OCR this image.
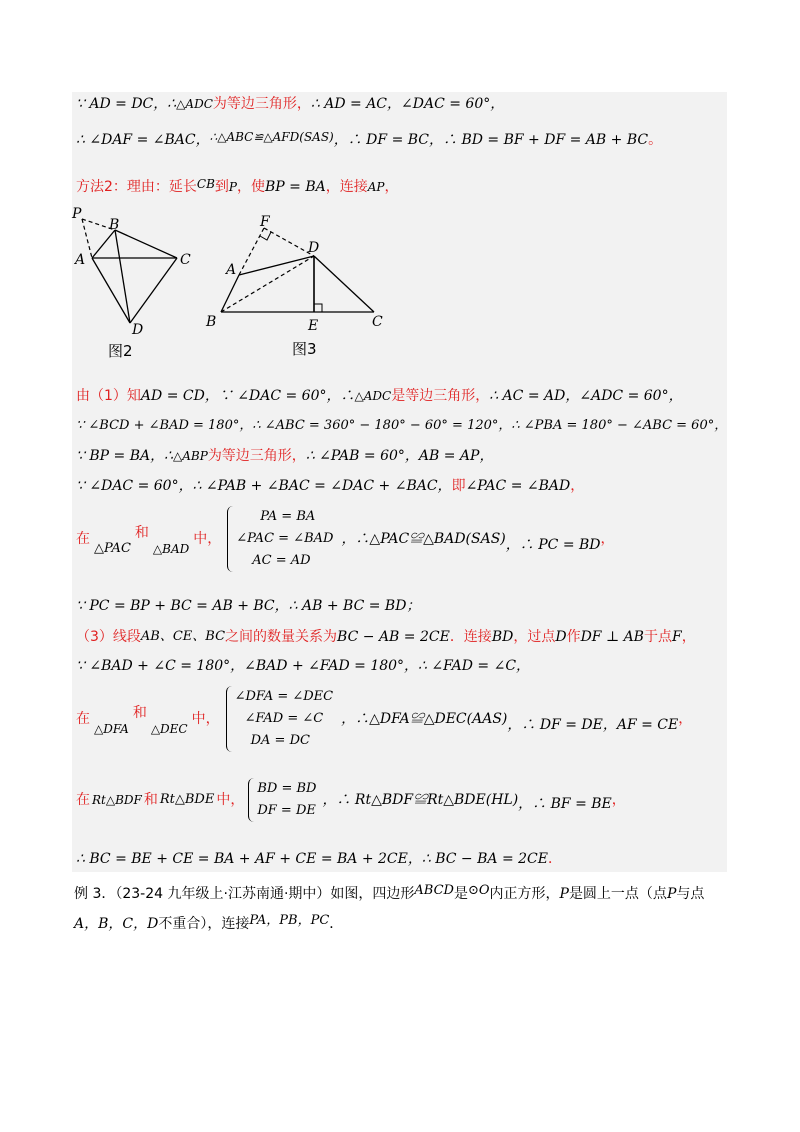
∵ AD = DC，∴ △ADC 为等边三角形， ∴ AD = AC，∠DAC = 60°，
∴ ∠DAF = ∠BAC， ∴△ABC≌△AFD(SAS) ，∴ DF = BC，∴ BD = BF + DF = AB + BC 。
方法2：理由：延长 CB 到 P ，使 BP = BA ，连接 AP ，
P
B
A	C
D
图2
F
D
A
B	E	C
图3
由（1）知 AD = CD，∵ ∠DAC = 60°，∴ △ADC 是等边三角形， ∴ AC = AD，∠ADC = 60°，
∵ ∠BCD + ∠BAD = 180°，∴ ∠ABC = 360° − 180° − 60° = 120°，∴ ∠PBA = 180° − ∠ABC = 60°，
∵ BP = BA，∴ △ABP 为等边三角形， ∴ ∠PAB = 60°，AB = AP，
∵ ∠DAC = 60°，∴ ∠PAB + ∠BAC = ∠DAC + ∠BAC， 即 ∠PAC = ∠BAD ，
在
△PAC
和
△BAD
中，
PA = BA
∠PAC = ∠BAD
AC = AD
，∴△PAC≌△BAD(SAS) ，∴ PC = BD ，
∵ PC = BP + BC = AB + BC，∴ AB + BC = BD；
（3）线段 AB、CE、BC 之间的数量关系为 BC − AB = 2CE ．连接 BD ，过点 D 作 DF ⊥ AB 于点 F ，
∵ ∠BAD + ∠C = 180°，∠BAD + ∠FAD = 180°，∴ ∠FAD = ∠C，
在
△DFA
和
△DEC
中，
∠DFA = ∠DEC
∠FAD = ∠C
DA = DC
，∴△DFA≌△DEC(AAS) ，∴ DF = DE，AF = CE ，
在 Rt△BDF 和 Rt△BDE 中，
BD = BD
DF = DE
，∴ Rt△BDF≌Rt△BDE(HL) ，∴ BF = BE ，
∴ BC = BE + CE = BA + AF + CE = BA + 2CE，∴ BC − BA = 2CE ．
例 3．（23-24 九年级上·江苏南通·期中）如图，四边形 ABCD 是 ⊙O 内正方形， P 是圆上一点（点 P 与点
A，B，C，D 不重合），连接 PA，PB，PC ．
